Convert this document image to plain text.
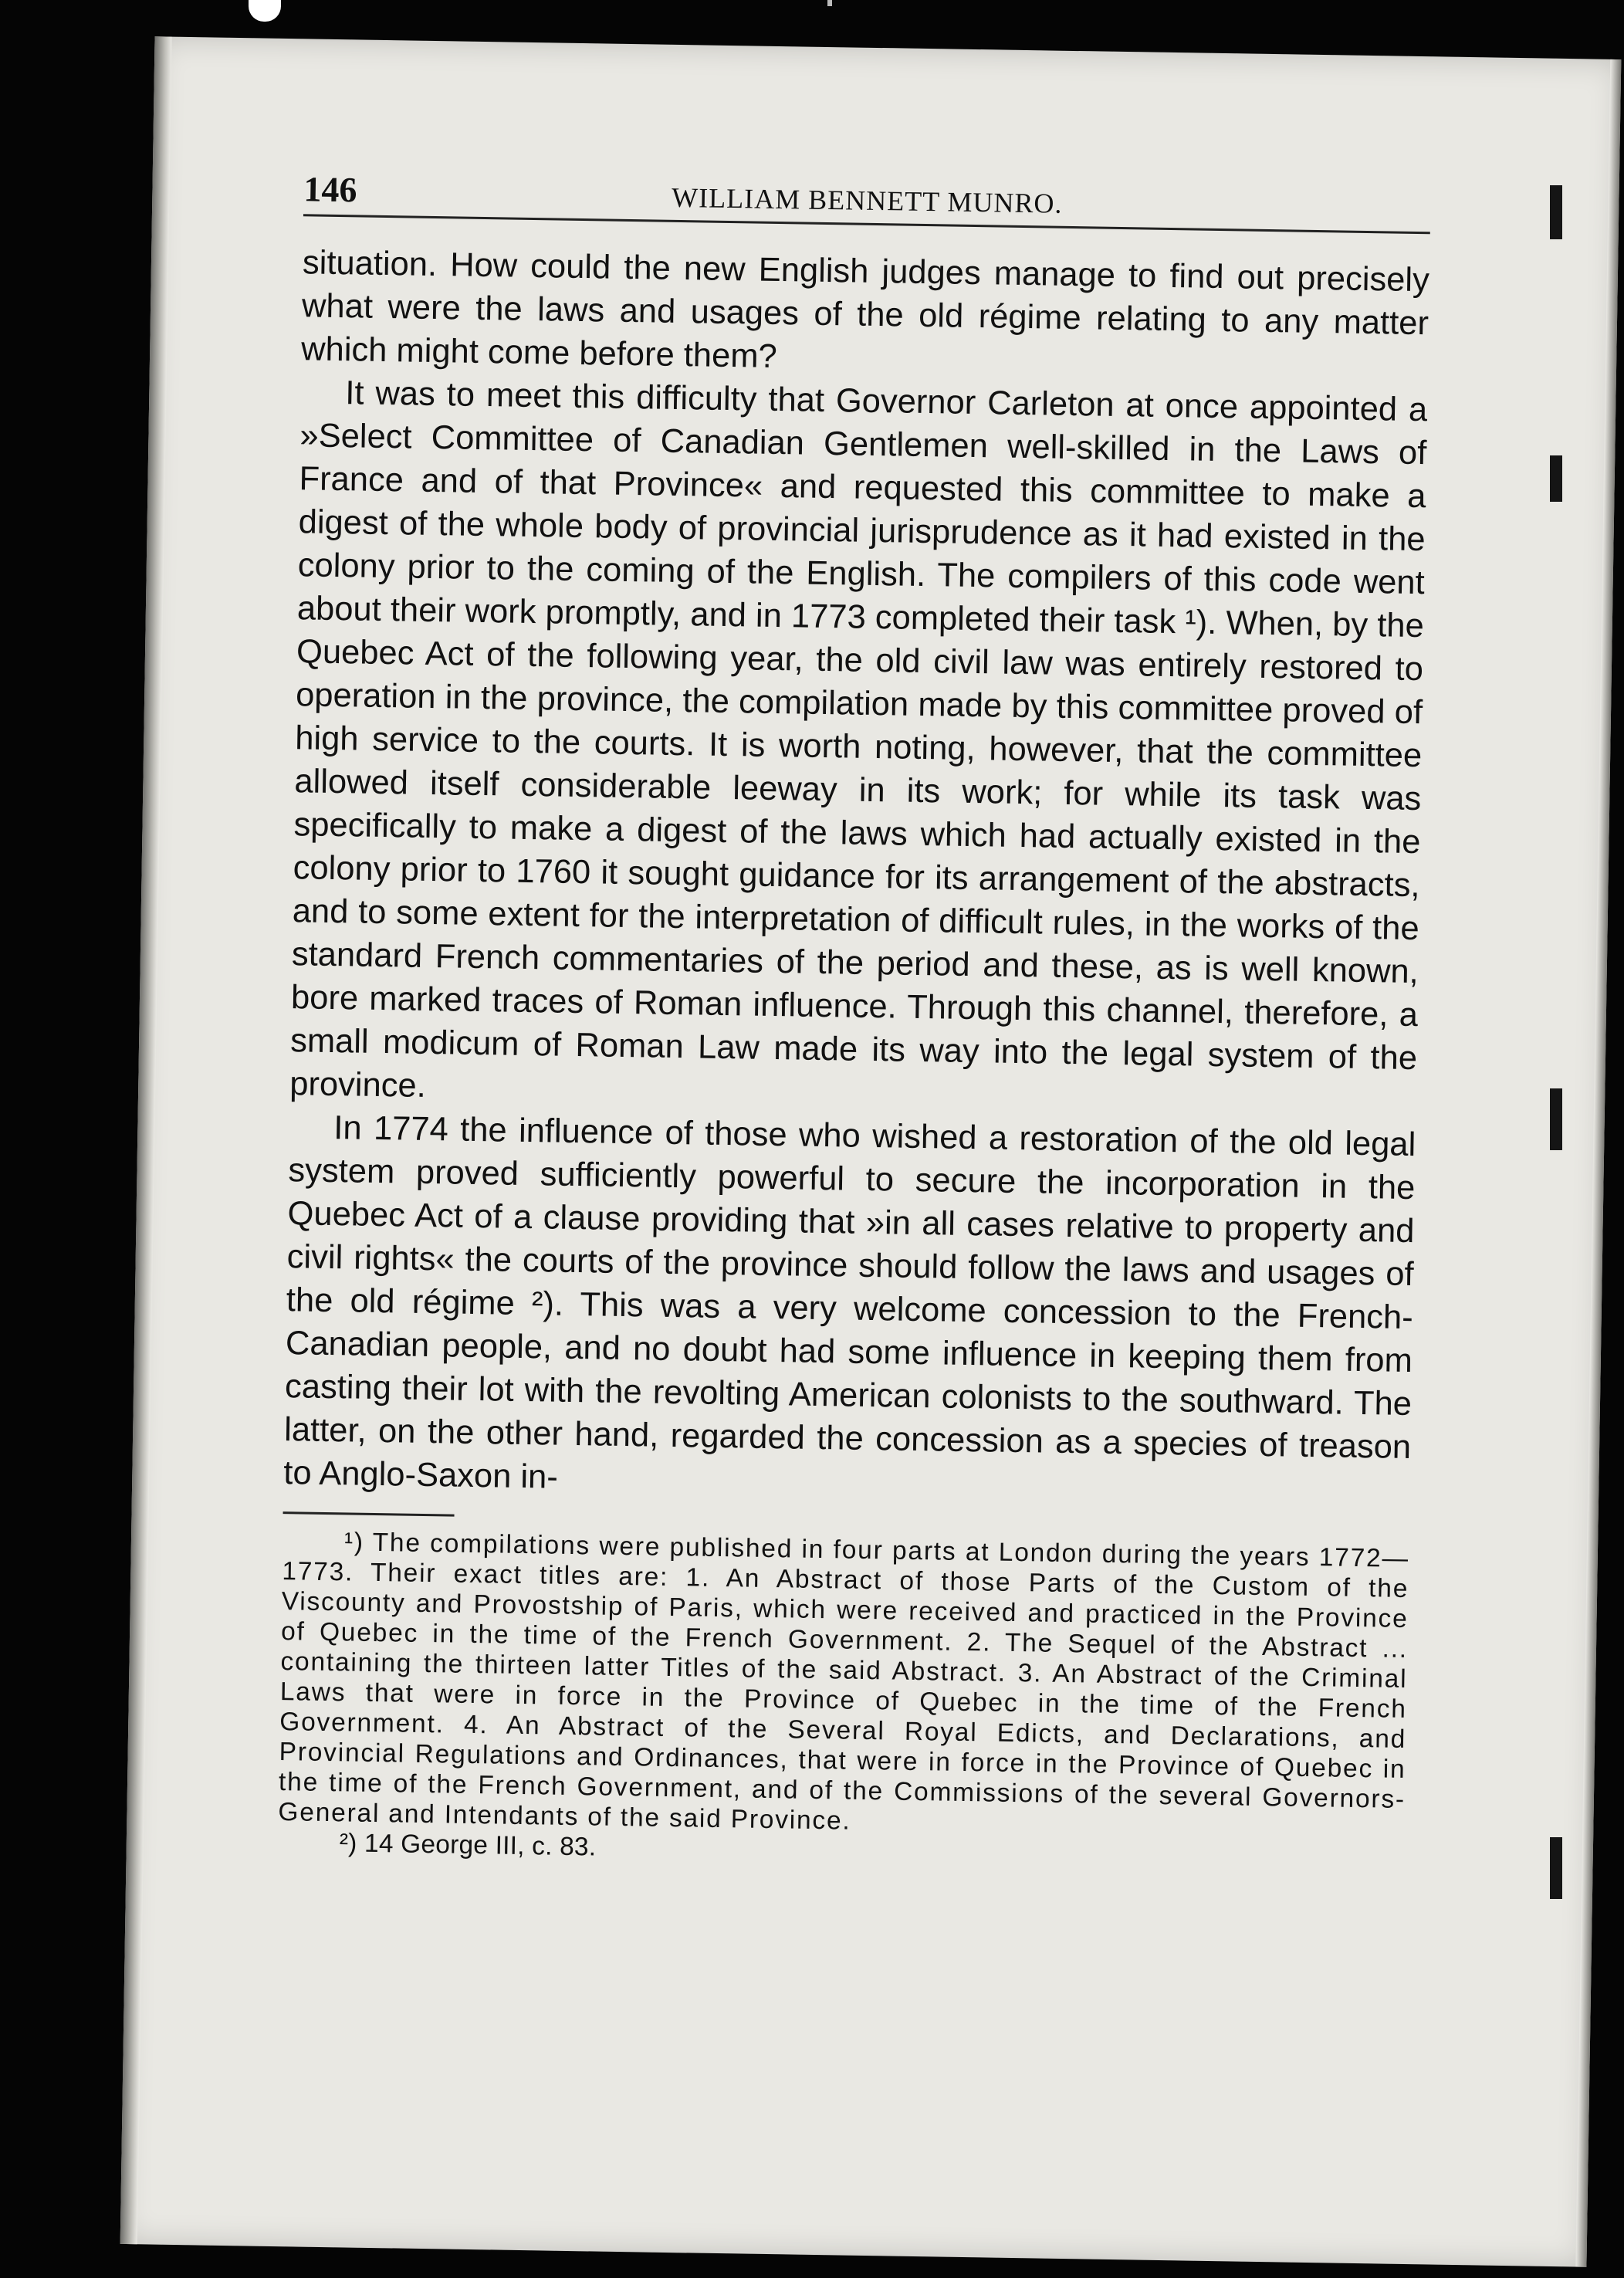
146	WILLIAM BENNETT MUNRO.

situation. How could the new English judges manage to find out precisely what were the laws and usages of the old régime relating to any matter which might come before them?

It was to meet this difficulty that Governor Carleton at once appointed a »Select Committee of Canadian Gentlemen well-skilled in the Laws of France and of that Province« and requested this committee to make a digest of the whole body of provincial jurisprudence as it had existed in the colony prior to the coming of the English. The compilers of this code went about their work promptly, and in 1773 completed their task ¹). When, by the Quebec Act of the following year, the old civil law was entirely restored to operation in the province, the compilation made by this committee proved of high service to the courts. It is worth noting, however, that the committee allowed itself considerable leeway in its work; for while its task was specifically to make a digest of the laws which had actually existed in the colony prior to 1760 it sought guidance for its arrangement of the abstracts, and to some extent for the interpretation of difficult rules, in the works of the standard French commentaries of the period and these, as is well known, bore marked traces of Roman influence. Through this channel, therefore, a small modicum of Roman Law made its way into the legal system of the province.

In 1774 the influence of those who wished a restoration of the old legal system proved sufficiently powerful to secure the incorporation in the Quebec Act of a clause providing that »in all cases relative to property and civil rights« the courts of the province should follow the laws and usages of the old régime ²). This was a very welcome concession to the French-Canadian people, and no doubt had some influence in keeping them from casting their lot with the revolting American colonists to the southward. The latter, on the other hand, regarded the concession as a species of treason to Anglo-Saxon in-

¹) The compilations were published in four parts at London during the years 1772—1773. Their exact titles are: 1. An Abstract of those Parts of the Custom of the Viscounty and Provostship of Paris, which were received and practiced in the Province of Quebec in the time of the French Government. 2. The Sequel of the Abstract ... containing the thirteen latter Titles of the said Abstract. 3. An Abstract of the Criminal Laws that were in force in the Province of Quebec in the time of the French Government. 4. An Abstract of the Several Royal Edicts, and Declarations, and Provincial Regulations and Ordinances, that were in force in the Province of Quebec in the time of the French Government, and of the Commissions of the several Governors-General and Intendants of the said Province.

²) 14 George III, c. 83.
